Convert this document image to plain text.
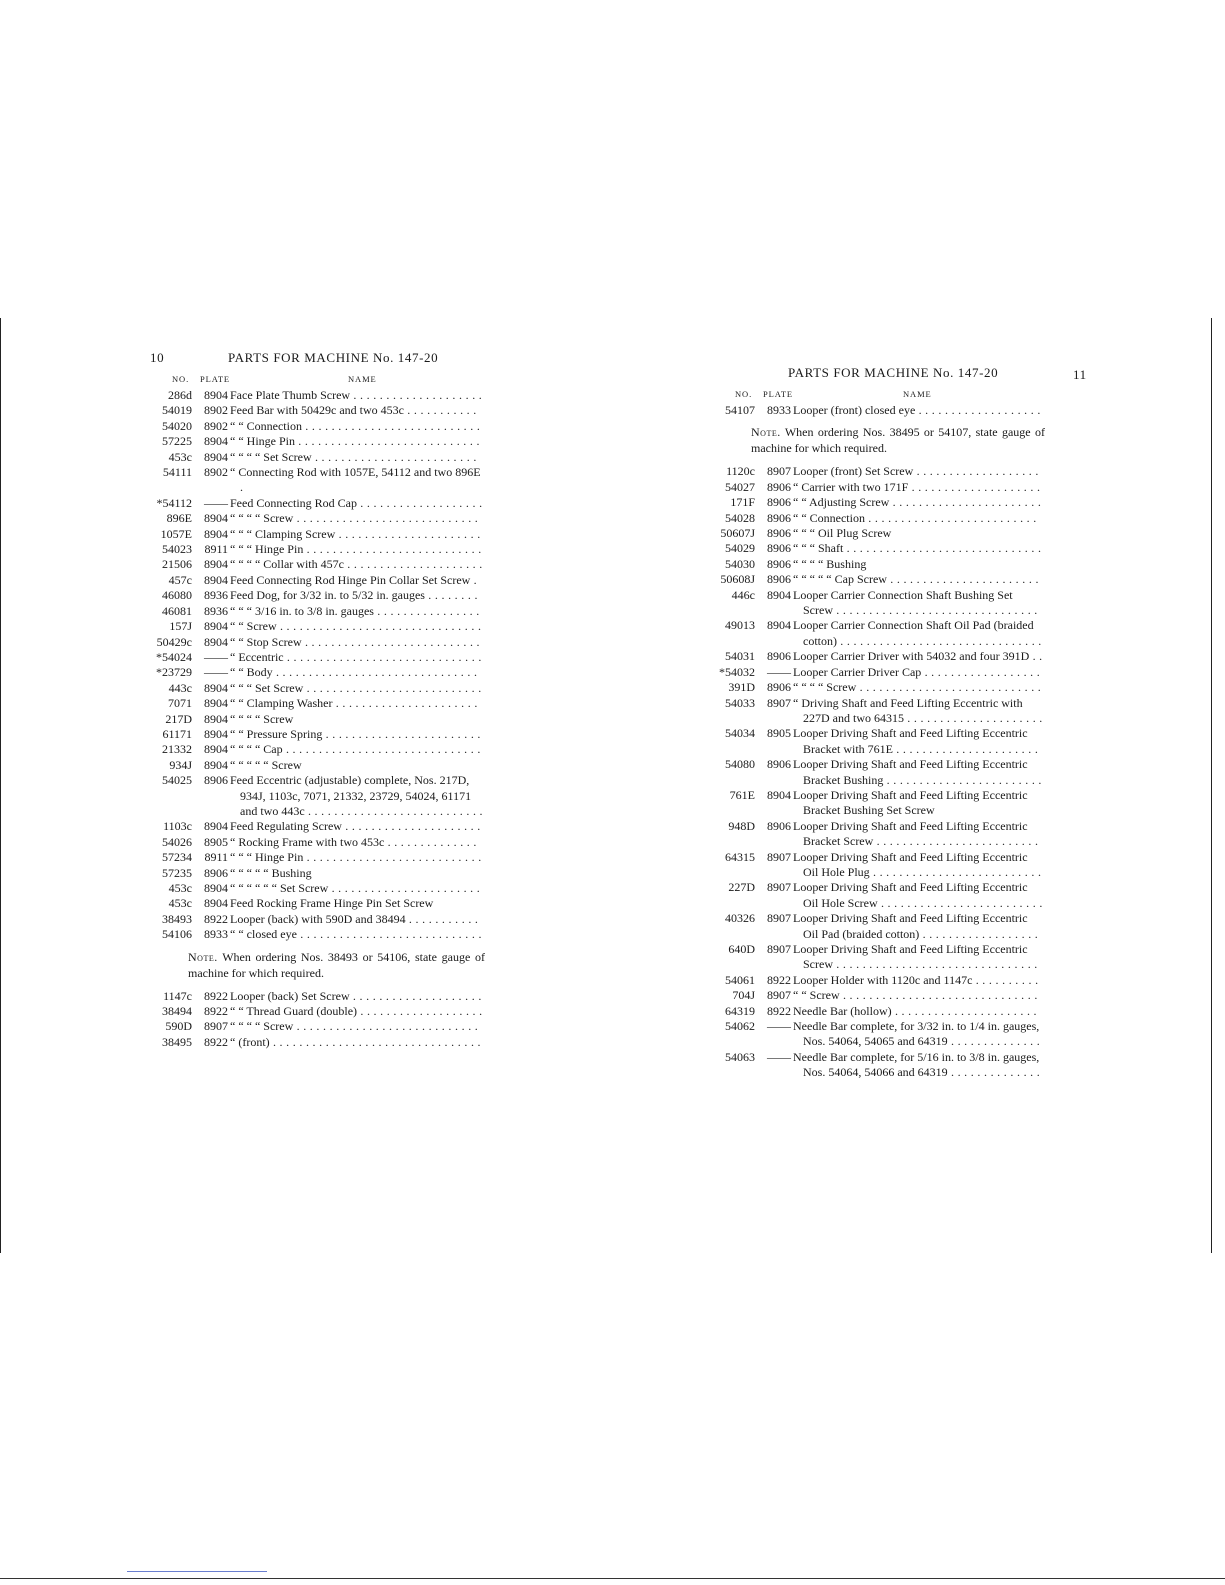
10	PARTS FOR MACHINE No. 147-20
NO. PLATE	NAME
286d	8904 Face Plate Thumb Screw . . . . . . . . . . . . . . . . . . . .
54019	8902 Feed Bar with 50429c and two 453c . . . . . . . . . . .
54020	8902 “ “ Connection . . . . . . . . . . . . . . . . . . . . . . . . . . .
57225	8904 “ “ Hinge Pin . . . . . . . . . . . . . . . . . . . . . . . . . . . .
453c	8904 “ “ “ “ Set Screw . . . . . . . . . . . . . . . . . . . . . . . . .
54111	8902 “ Connecting Rod with 1057E, 54112 and two 896E .
*54112	—— Feed Connecting Rod Cap . . . . . . . . . . . . . . . . . . .
896E	8904 “ “ “ “ Screw . . . . . . . . . . . . . . . . . . . . . . . . . . . .
1057E	8904 “ “ “ Clamping Screw . . . . . . . . . . . . . . . . . . . . . .
54023	8911 “ “ “ Hinge Pin . . . . . . . . . . . . . . . . . . . . . . . . . . .
21506	8904 “ “ “ “ Collar with 457c . . . . . . . . . . . . . . . . . . . . .
457c	8904 Feed Connecting Rod Hinge Pin Collar Set Screw .
46080	8936 Feed Dog, for 3/32 in. to 5/32 in. gauges . . . . . . . .
46081	8936 “ “ “ 3/16 in. to 3/8 in. gauges . . . . . . . . . . . . . . . .
157J	8904 “ “ Screw . . . . . . . . . . . . . . . . . . . . . . . . . . . . . . .
50429c	8904 “ “ Stop Screw . . . . . . . . . . . . . . . . . . . . . . . . . . .
*54024	—— “ Eccentric . . . . . . . . . . . . . . . . . . . . . . . . . . . . . .
*23729	—— “ “ Body . . . . . . . . . . . . . . . . . . . . . . . . . . . . . . .
443c	8904 “ “ “ Set Screw . . . . . . . . . . . . . . . . . . . . . . . . . . .
7071	8904 “ “ Clamping Washer . . . . . . . . . . . . . . . . . . . . . .
217D	8904 “ “ “ “ Screw
61171	8904 “ “ Pressure Spring . . . . . . . . . . . . . . . . . . . . . . . .
21332	8904 “ “ “ “ Cap . . . . . . . . . . . . . . . . . . . . . . . . . . . . . .
934J	8904 “ “ “ “ “ Screw
54025	8906 Feed Eccentric (adjustable) complete, Nos. 217D, 934J, 1103c, 7071, 21332, 23729, 54024, 61171 and two 443c . . . . . . . . . . . . . . . . . . . . . . . . . . .
1103c	8904 Feed Regulating Screw . . . . . . . . . . . . . . . . . . . . .
54026	8905 “ Rocking Frame with two 453c . . . . . . . . . . . . . .
57234	8911 “ “ “ Hinge Pin . . . . . . . . . . . . . . . . . . . . . . . . . . .
57235	8906 “ “ “ “ “ Bushing
453c	8904 “ “ “ “ “ “ Set Screw . . . . . . . . . . . . . . . . . . . . . . .
453c	8904 Feed Rocking Frame Hinge Pin Set Screw
38493	8922 Looper (back) with 590D and 38494 . . . . . . . . . . .
54106	8933 “ “ closed eye . . . . . . . . . . . . . . . . . . . . . . . . . . . .
Note. When ordering Nos. 38493 or 54106, state gauge of machine for which required.
1147c	8922 Looper (back) Set Screw . . . . . . . . . . . . . . . . . . . .
38494	8922 “ “ Thread Guard (double) . . . . . . . . . . . . . . . . . . .
590D	8907 “ “ “ “ Screw . . . . . . . . . . . . . . . . . . . . . . . . . . . .
38495	8922 “ (front) . . . . . . . . . . . . . . . . . . . . . . . . . . . . . . . .
PARTS FOR MACHINE No. 147-20	11
NO. PLATE	NAME
54107	8933 Looper (front) closed eye . . . . . . . . . . . . . . . . . . .
Note. When ordering Nos. 38495 or 54107, state gauge of machine for which required.
1120c	8907 Looper (front) Set Screw . . . . . . . . . . . . . . . . . . .
54027	8906 “ Carrier with two 171F . . . . . . . . . . . . . . . . . . . .
171F	8906 “ “ Adjusting Screw . . . . . . . . . . . . . . . . . . . . . . .
54028	8906 “ “ Connection . . . . . . . . . . . . . . . . . . . . . . . . . .
50607J	8906 “ “ “ Oil Plug Screw
54029	8906 “ “ “ Shaft . . . . . . . . . . . . . . . . . . . . . . . . . . . . . .
54030	8906 “ “ “ “ Bushing
50608J	8906 “ “ “ “ “ Cap Screw . . . . . . . . . . . . . . . . . . . . . . .
446c	8904 Looper Carrier Connection Shaft Bushing Set Screw . . . . . . . . . . . . . . . . . . . . . . . . . . . . . . .
49013	8904 Looper Carrier Connection Shaft Oil Pad (braided cotton) . . . . . . . . . . . . . . . . . . . . . . . . . . . . . . .
54031	8906 Looper Carrier Driver with 54032 and four 391D . .
*54032	—— Looper Carrier Driver Cap . . . . . . . . . . . . . . . . . .
391D	8906 “ “ “ “ Screw . . . . . . . . . . . . . . . . . . . . . . . . . . . .
54033	8907 “ Driving Shaft and Feed Lifting Eccentric with 227D and two 64315 . . . . . . . . . . . . . . . . . . . . .
54034	8905 Looper Driving Shaft and Feed Lifting Eccentric Bracket with 761E . . . . . . . . . . . . . . . . . . . . . .
54080	8906 Looper Driving Shaft and Feed Lifting Eccentric Bracket Bushing . . . . . . . . . . . . . . . . . . . . . . . .
761E	8904 Looper Driving Shaft and Feed Lifting Eccentric Bracket Bushing Set Screw
948D	8906 Looper Driving Shaft and Feed Lifting Eccentric Bracket Screw . . . . . . . . . . . . . . . . . . . . . . . . .
64315	8907 Looper Driving Shaft and Feed Lifting Eccentric Oil Hole Plug . . . . . . . . . . . . . . . . . . . . . . . . . .
227D	8907 Looper Driving Shaft and Feed Lifting Eccentric Oil Hole Screw . . . . . . . . . . . . . . . . . . . . . . . . .
40326	8907 Looper Driving Shaft and Feed Lifting Eccentric Oil Pad (braided cotton) . . . . . . . . . . . . . . . . . .
640D	8907 Looper Driving Shaft and Feed Lifting Eccentric Screw . . . . . . . . . . . . . . . . . . . . . . . . . . . . . . .
54061	8922 Looper Holder with 1120c and 1147c . . . . . . . . . .
704J	8907 “ “ Screw . . . . . . . . . . . . . . . . . . . . . . . . . . . . . .
64319	8922 Needle Bar (hollow) . . . . . . . . . . . . . . . . . . . . . .
54062	—— Needle Bar complete, for 3/32 in. to 1/4 in. gauges, Nos. 54064, 54065 and 64319 . . . . . . . . . . . . . .
54063	—— Needle Bar complete, for 5/16 in. to 3/8 in. gauges, Nos. 54064, 54066 and 64319 . . . . . . . . . . . . . .
